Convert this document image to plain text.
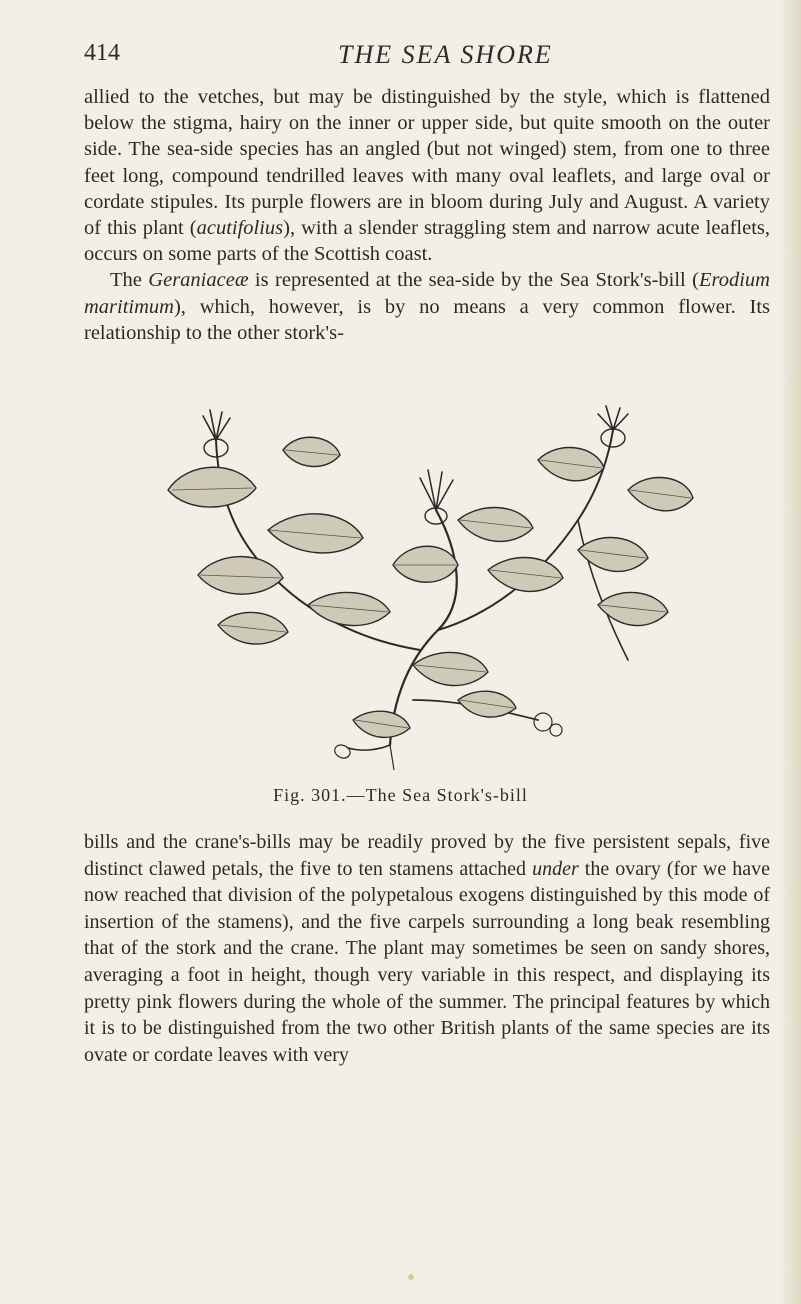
414	THE SEA SHORE

allied to the vetches, but may be distinguished by the style, which is flattened below the stigma, hairy on the inner or upper side, but quite smooth on the outer side. The sea-side species has an angled (but not winged) stem, from one to three feet long, compound tendrilled leaves with many oval leaflets, and large oval or cordate stipules. Its purple flowers are in bloom during July and August. A variety of this plant (acutifolius), with a slender straggling stem and narrow acute leaflets, occurs on some parts of the Scottish coast.

The Geraniaceæ is represented at the sea-side by the Sea Stork's-bill (Erodium maritimum), which, however, is by no means a very common flower. Its relationship to the other stork's-

Fig. 301.—The Sea Stork's-bill

bills and the crane's-bills may be readily proved by the five persistent sepals, five distinct clawed petals, the five to ten stamens attached under the ovary (for we have now reached that division of the polypetalous exogens distinguished by this mode of insertion of the stamens), and the five carpels surrounding a long beak resembling that of the stork and the crane. The plant may sometimes be seen on sandy shores, averaging a foot in height, though very variable in this respect, and displaying its pretty pink flowers during the whole of the summer. The principal features by which it is to be distinguished from the two other British plants of the same species are its ovate or cordate leaves with very
